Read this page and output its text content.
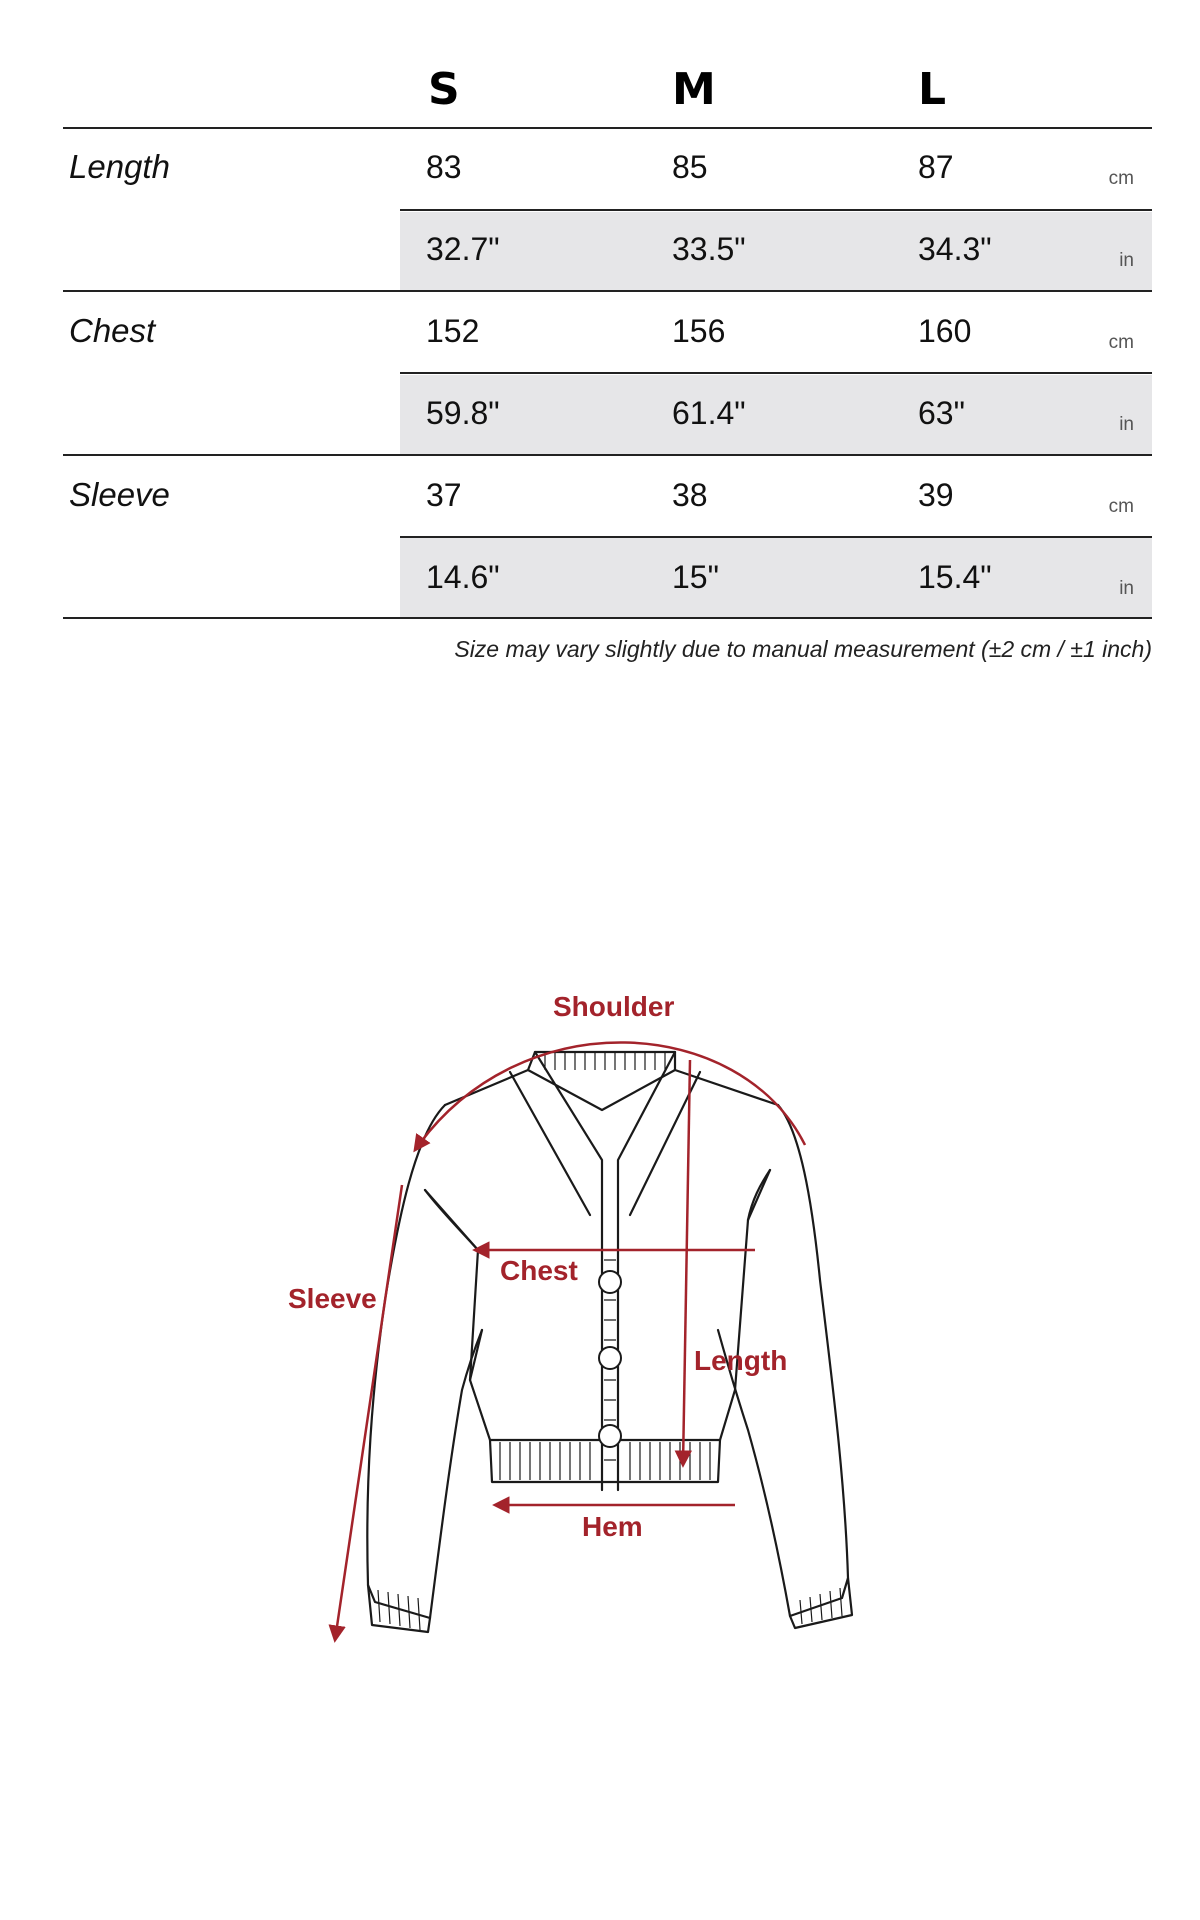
S	M	L
Length	83	85	87	cm
32.7"	33.5"	34.3"	in
Chest	152	156	160	cm
59.8"	61.4"	63"	in
Sleeve	37	38	39	cm
14.6"	15"	15.4"	in
Size may vary slightly due to manual measurement (±2 cm / ±1 inch)
Shoulder
Chest
Sleeve
Length
Hem
